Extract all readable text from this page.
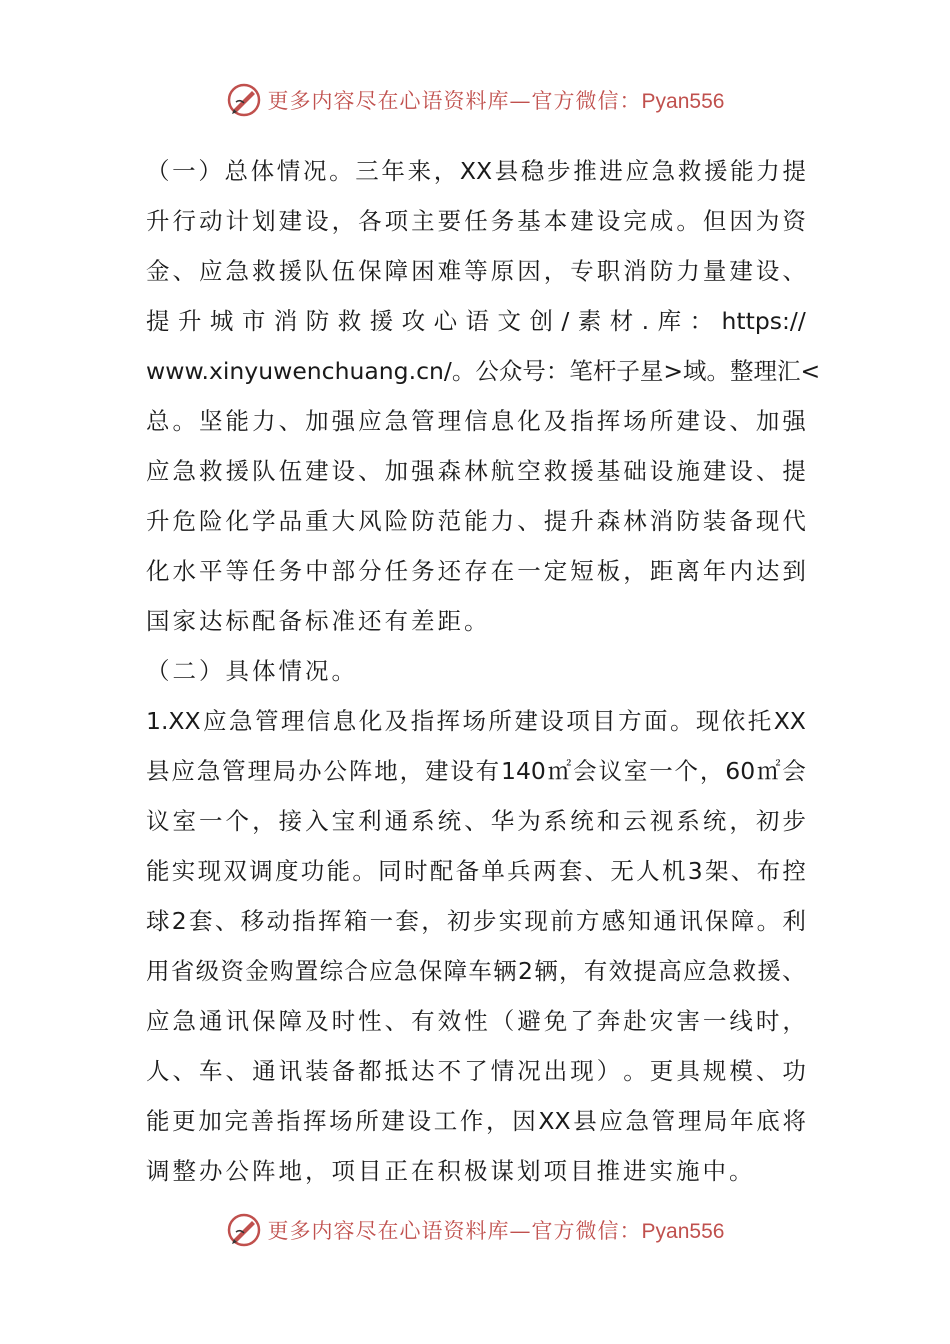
更多内容尽在心语资料库—官方微信：Pyan556
（ 一 ） 总 体 情 况 。 三 年 来 ， XX 县 稳 步 推 进 应 急 救 援 能 力 提
升 行 动 计 划 建 设 ， 各 项 主 要 任 务 基 本 建 设 完 成 。 但 因 为 资
金 、 应 急 救 援 队 伍 保 障 困 难 等 原 因 ， 专 职 消 防 力 量 建 设 、
提 升 城 市 消 防 救 援 攻 心 语 文 创 / 素 材 . 库 ： https://
www.xinyuwenchuang.cn/ 。 公 众 号 ： 笔 杆 子 星 > 域 。 整 理 汇 <
总 。 坚 能 力 、 加 强 应 急 管 理 信 息 化 及 指 挥 场 所 建 设 、 加 强
应 急 救 援 队 伍 建 设 、 加 强 森 林 航 空 救 援 基 础 设 施 建 设 、 提
升 危 险 化 学 品 重 大 风 险 防 范 能 力 、 提 升 森 林 消 防 装 备 现 代
化 水 平 等 任 务 中 部 分 任 务 还 存 在 一 定 短 板 ， 距 离 年 内 达 到
国家达标配备标准还有差距。
（二）具体情况。
1.XX 应 急 管 理 信 息 化 及 指 挥 场 所 建 设 项 目 方 面 。 现 依 托 XX
县 应 急 管 理 局 办 公 阵 地 ， 建 设 有 140 ㎡ 会 议 室 一 个 ， 60 ㎡ 会
议 室 一 个 ， 接 入 宝 利 通 系 统 、 华 为 系 统 和 云 视 系 统 ， 初 步
能 实 现 双 调 度 功 能 。 同 时 配 备 单 兵 两 套 、 无 人 机 3 架 、 布 控
球 2 套 、 移 动 指 挥 箱 一 套 ， 初 步 实 现 前 方 感 知 通 讯 保 障 。 利
用 省 级 资 金 购 置 综 合 应 急 保 障 车 辆 2 辆 ， 有 效 提 高 应 急 救 援 、
应 急 通 讯 保 障 及 时 性 、 有 效 性 （ 避 免 了 奔 赴 灾 害 一 线 时 ，
人 、 车 、 通 讯 装 备 都 抵 达 不 了 情 况 出 现 ） 。 更 具 规 模 、 功
能 更 加 完 善 指 挥 场 所 建 设 工 作 ， 因 XX 县 应 急 管 理 局 年 底 将
调整办公阵地，项目正在积极谋划项目推进实施中。
更多内容尽在心语资料库—官方微信：Pyan556
